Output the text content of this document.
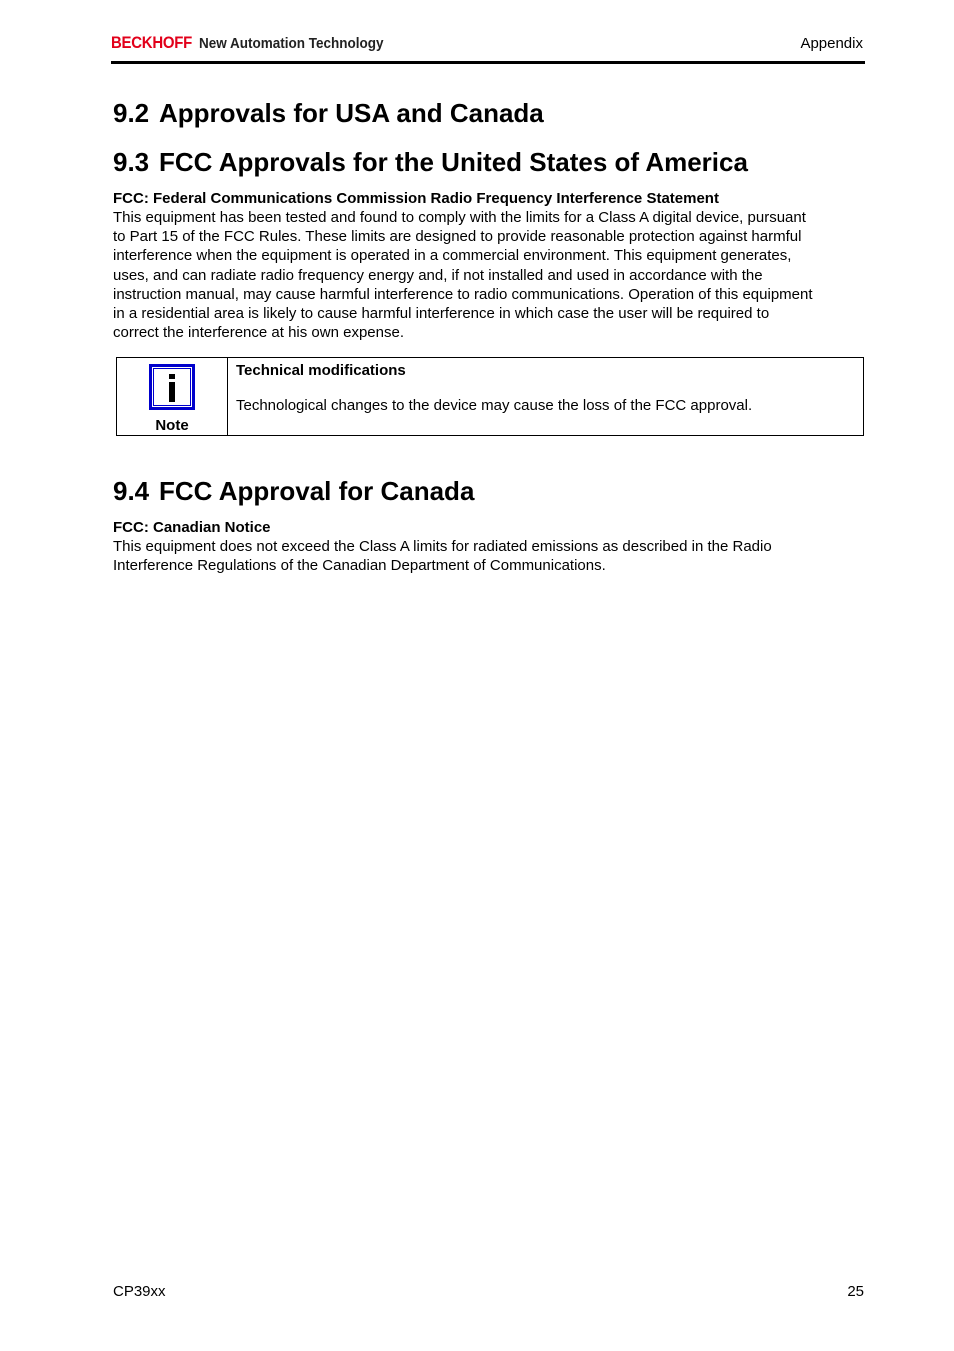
BECKHOFF New Automation Technology	Appendix
9.2 Approvals for USA and Canada
9.3 FCC Approvals for the United States of America
FCC: Federal Communications Commission Radio Frequency Interference Statement
This equipment has been tested and found to comply with the limits for a Class A digital device, pursuant
to Part 15 of the FCC Rules. These limits are designed to provide reasonable protection against harmful
interference when the equipment is operated in a commercial environment. This equipment generates,
uses, and can radiate radio frequency energy and, if not installed and used in accordance with the
instruction manual, may cause harmful interference to radio communications. Operation of this equipment
in a residential area is likely to cause harmful interference in which case the user will be required to
correct the interference at his own expense.
Note
Technical modifications
Technological changes to the device may cause the loss of the FCC approval.
9.4 FCC Approval for Canada
FCC: Canadian Notice
This equipment does not exceed the Class A limits for radiated emissions as described in the Radio
Interference Regulations of the Canadian Department of Communications.
CP39xx	25
